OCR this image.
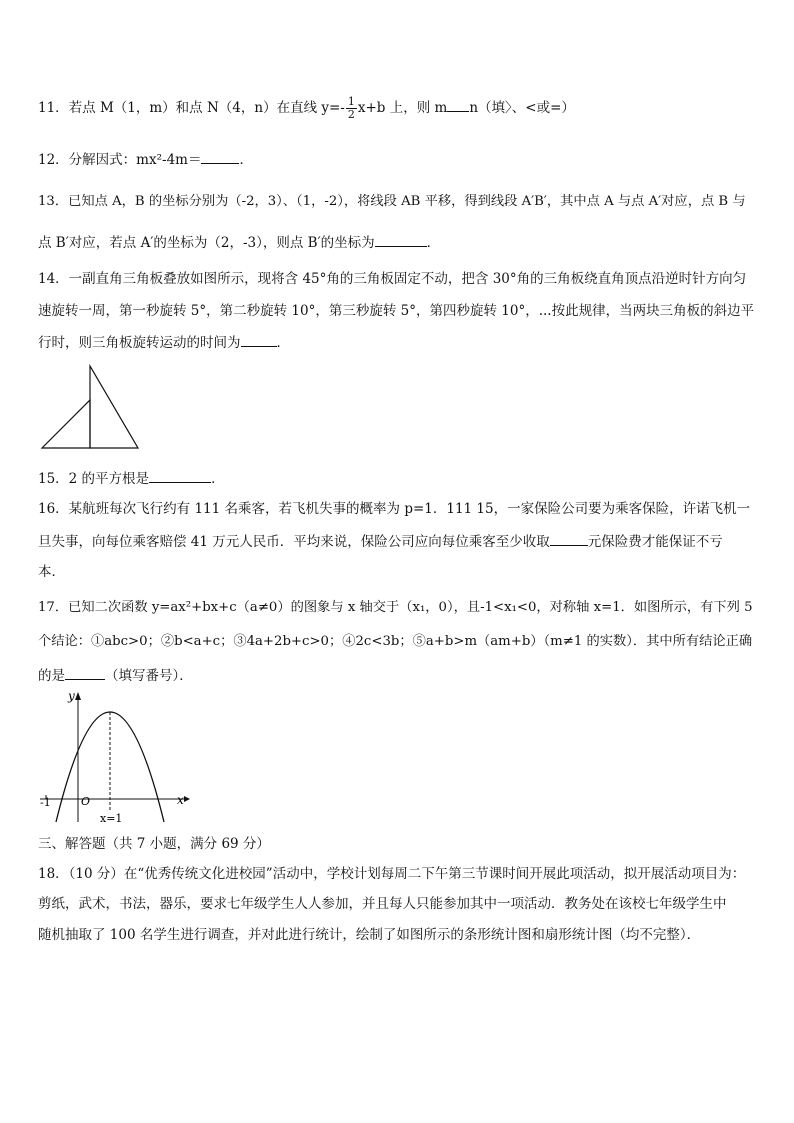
11．若点 M（1，m）和点 N（4，n）在直线 $y=- \frac{1}{2} x+b$ 上，则 m n（填〉、<或=）
12．分解因式：mx²-4m＝	．
13．已知点 A，B 的坐标分别为（-2，3）、（1，-2），将线段 AB 平移，得到线段 A′B′，其中点 A 与点 A′对应，点 B 与
点 B′对应，若点 A′的坐标为（2，-3），则点 B′的坐标为	．
14．一副直角三角板叠放如图所示，现将含 45°角的三角板固定不动，把含 30°角的三角板绕直角顶点沿逆时针方向匀
速旋转一周，第一秒旋转 5°，第二秒旋转 10°，第三秒旋转 5°，第四秒旋转 10°，...按此规律，当两块三角板的斜边平
行时，则三角板旋转运动的时间为	．
15．2 的平方根是	．
16．某航班每次飞行约有 111 名乘客，若飞机失事的概率为 p=1．111 15，一家保险公司要为乘客保险，许诺飞机一
旦失事，向每位乘客赔偿 41 万元人民币．平均来说，保险公司应向每位乘客至少收取	元保险费才能保证不亏
本．
17．已知二次函数 y=ax²+bx+c（a≠0）的图象与 x 轴交于（x₁，0），且-1<x₁<0，对称轴 x=1．如图所示，有下列 5
个结论：①abc>0；②b<a+c；③4a+2b+c>0；④2c<3b；⑤a+b>m（am+b）（m≠1 的实数）．其中所有结论正确
的是	（填写番号）．
y
x
O
-1
x=1
三、解答题（共 7 小题，满分 69 分）
18．（10 分）在“优秀传统文化进校园”活动中，学校计划每周二下午第三节课时间开展此项活动，拟开展活动项目为：
剪纸，武术，书法，器乐，要求七年级学生人人参加，并且每人只能参加其中一项活动．教务处在该校七年级学生中
随机抽取了 100 名学生进行调查，并对此进行统计，绘制了如图所示的条形统计图和扇形统计图（均不完整）．
